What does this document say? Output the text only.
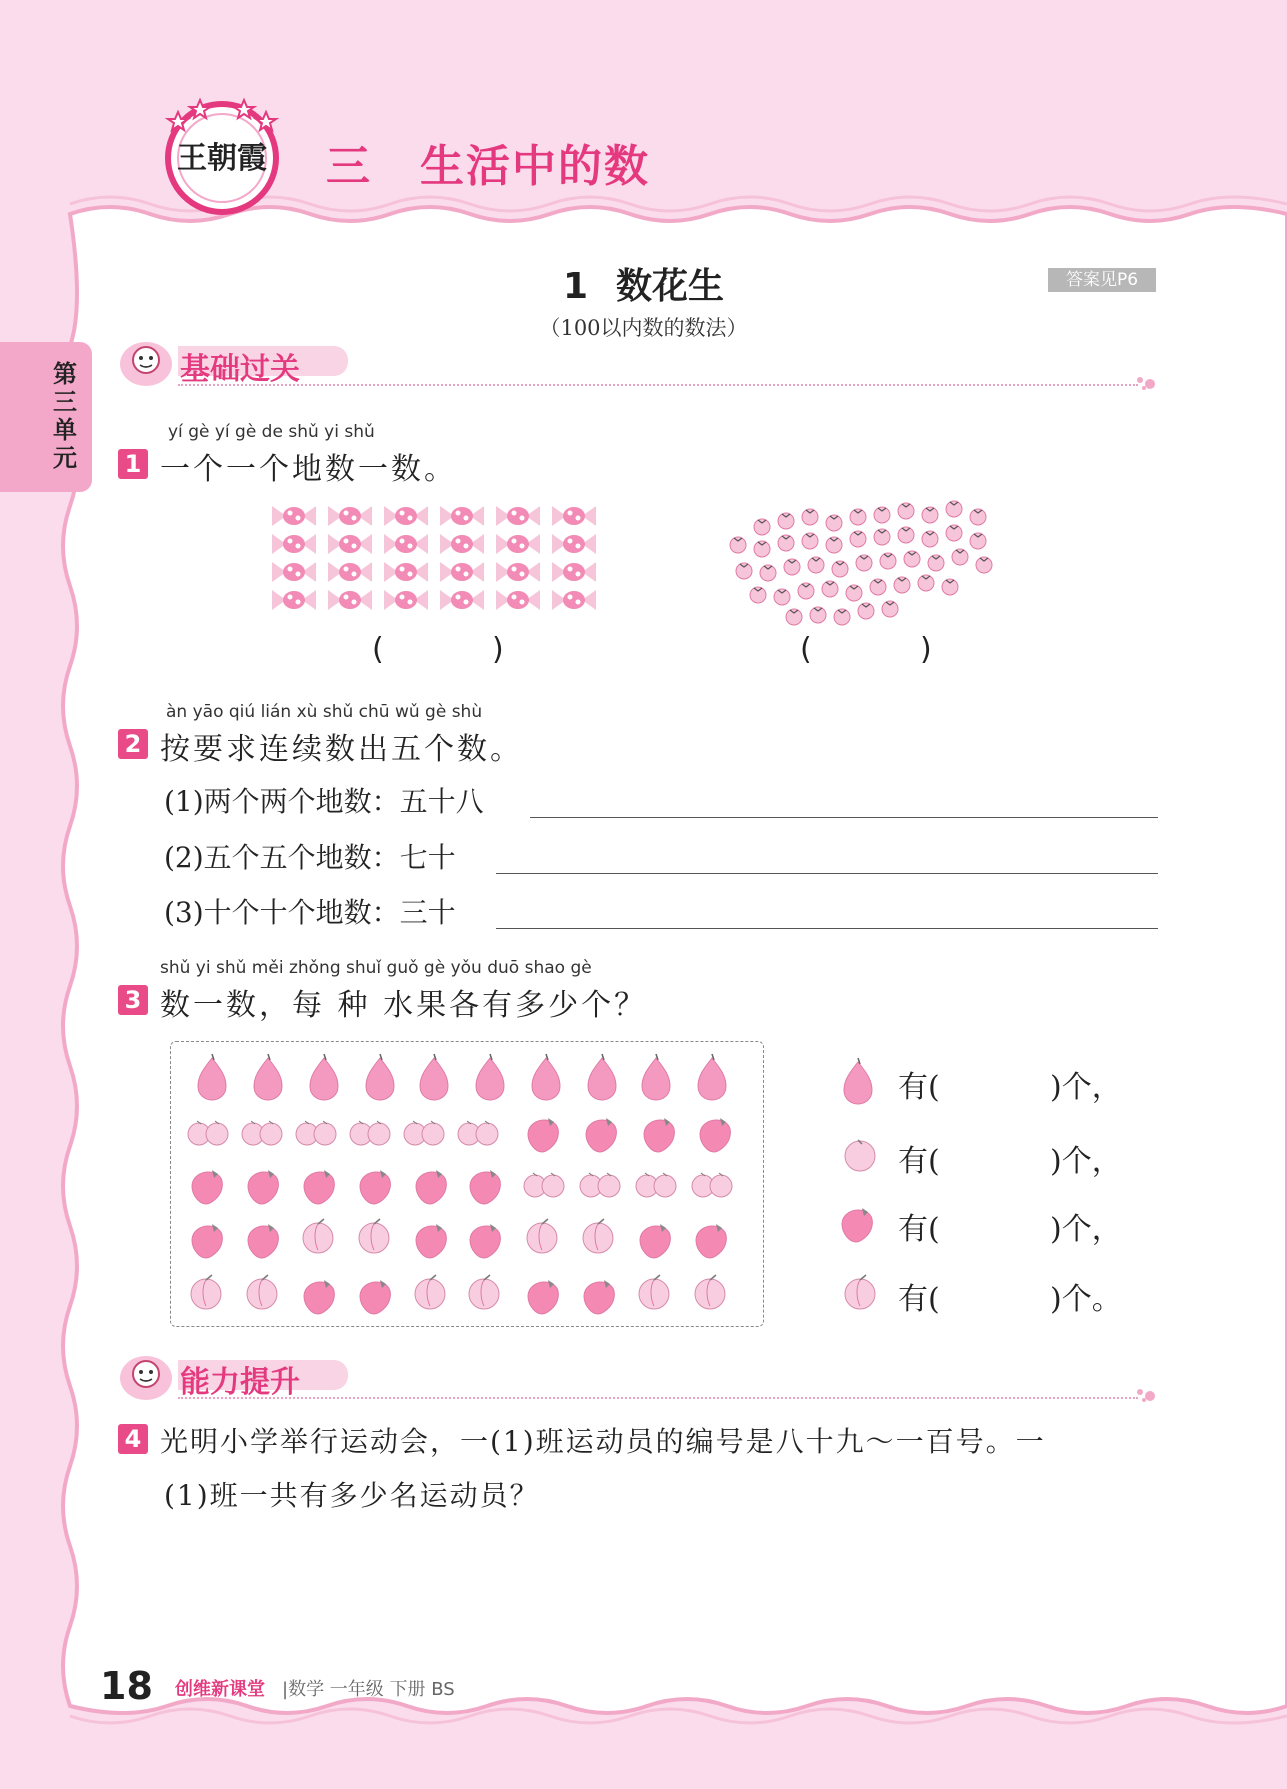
王朝霞 三 生活中的数
1 数花生
（100以内数的数法）
答案见P6
第三单元
基础过关
yí gè yí gè de shǔ yi shǔ
1 一个一个地数一数。
(	)	(	)
àn yāo qiú lián xù shǔ chū wǔ gè shù
2 按要求连续数出五个数。
(1)两个两个地数：五十八
(2)五个五个地数：七十
(3)十个十个地数：三十
shǔ yi shǔ měi zhǒng shuǐ guǒ gè yǒu duō shao gè
3 数一数，每 种 水果各有多少个？
有(	)个，
有(	)个，
有(	)个，
有(	)个。
能力提升
4 光明小学举行运动会，一(1)班运动员的编号是八十九～一百号。一
(1)班一共有多少名运动员？
18 创维新课堂 |数学 一年级 下册 BS
